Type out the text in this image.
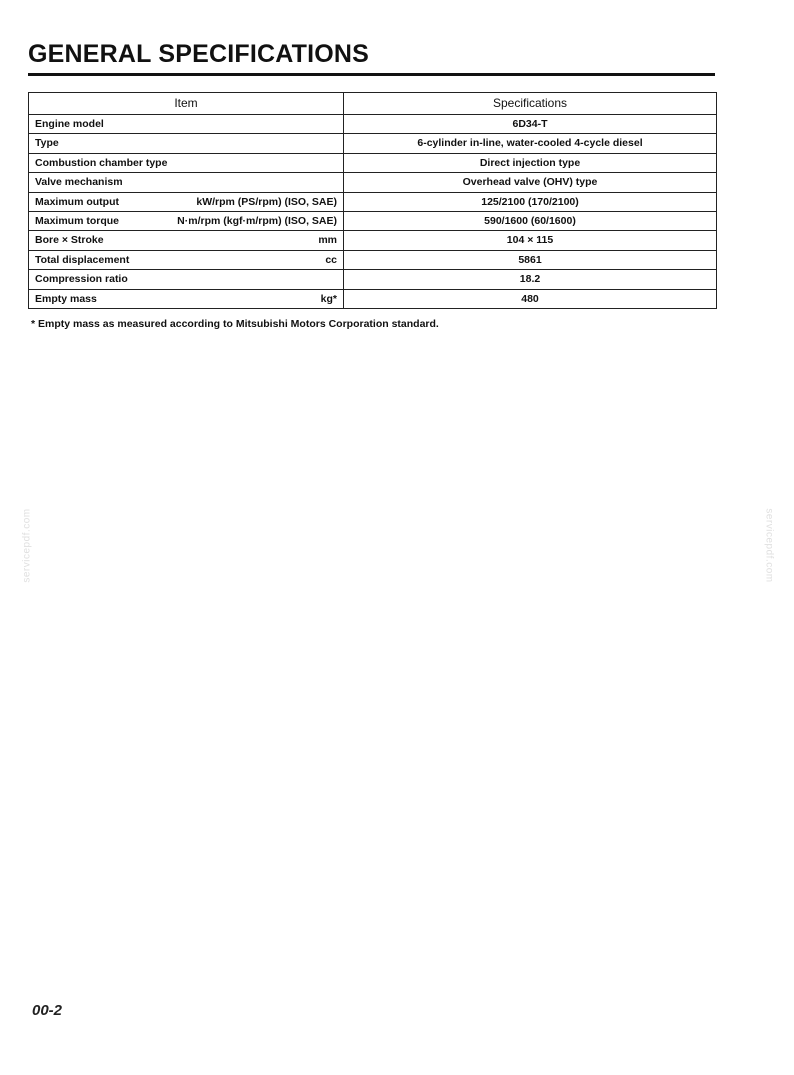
GENERAL SPECIFICATIONS
Item	Specifications

Engine model	6D34-T

Type	6-cylinder in-line, water-cooled 4-cycle diesel

Combustion chamber type	Direct injection type

Valve mechanism	Overhead valve (OHV) type

Maximum output kW/rpm (PS/rpm) (ISO, SAE)	125/2100 (170/2100)

Maximum torque N·m/rpm (kgf·m/rpm) (ISO, SAE)	590/1600 (60/1600)

Bore × Stroke mm	104 × 115

Total displacement cc	5861

Compression ratio	18.2

Empty mass kg*	480
* Empty mass as measured according to Mitsubishi Motors Corporation standard.
servicepdf.com	servicepdf.com
00-2
